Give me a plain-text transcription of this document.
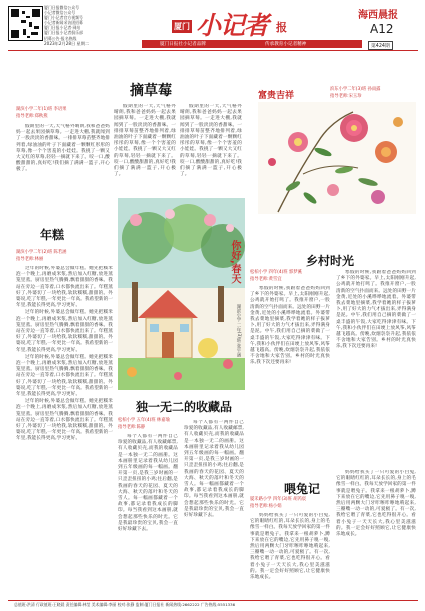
厦门日报微信公众号
小记者微信公众号
厦门小记者官方视频号
小记者新闻采访团招募
厦门日报小记者·网站
厦门日报小记者俱乐部
招募公告·报名热线
2023年2月28日 星期二
厦门 小记者 报
海西晨报
A12
厦门日报社小记者品牌	传承教育小记者精神	第424期
摘草莓
湖滨小学二年(1)班 李语果
指导老师:郑秋燕

假期里的一天,天气格外晴朗,我和爸爸妈妈一起去果园摘草莓。一走进大棚,我就闻到了一股淡淡的香甜味。一排排草莓苗整齐地排列着,绿油油的叶子下面藏着一颗颗红彤彤的草莓,像一个个害羞的小娃娃。我挑了一颗又大又红的草莓,轻轻一摘就下来了。咬一口,酸酸甜甜的,真好吃!我们摘了满满一篮子,开心极了。

假期里的一天,天气格外晴朗,我和爸爸妈妈一起去果园摘草莓。一走进大棚,我就闻到了一股淡淡的香甜味。一排排草莓苗整齐地排列着,绿油油的叶子下面藏着一颗颗红彤彤的草莓,像一个个害羞的小娃娃。我挑了一颗又大又红的草莓,轻轻一摘就下来了。咬一口,酸酸甜甜的,真好吃!我们摘了满满一篮子,开心极了。

假期里的一天,天气格外晴朗,我和爸爸妈妈一起去果园摘草莓。一走进大棚,我就闻到了一股淡淡的香甜味。一排排草莓苗整齐地排列着,绿油油的叶子下面藏着一颗颗红彤彤的草莓,像一个个害羞的小娃娃。我挑了一颗又大又红的草莓,轻轻一摘就下来了。咬一口,酸酸甜甜的,真好吃!我们摘了满满一篮子,开心极了。

富贵吉祥
滨东小学二年(3)班 孙雨露
指导老师:宋玉珍
年糕
湖滨小学二年(2)班 陈若涵
指导老师:林丽

过年的时候,外婆总会做年糕。她先把糯米泡一个晚上,再磨成米浆,然后加入红糖,放进蒸笼里蒸。厨房里热气腾腾,飘着甜甜的香味。我站在旁边一直等着,口水都快流出来了。年糕蒸好了,外婆切了一块给我,软软糯糯,甜甜的。外婆说,吃了年糕,一年更比一年高。我希望新的一年里,我能长得更高,学习更好。

过年的时候,外婆总会做年糕。她先把糯米泡一个晚上,再磨成米浆,然后加入红糖,放进蒸笼里蒸。厨房里热气腾腾,飘着甜甜的香味。我站在旁边一直等着,口水都快流出来了。年糕蒸好了,外婆切了一块给我,软软糯糯,甜甜的。外婆说,吃了年糕,一年更比一年高。我希望新的一年里,我能长得更高,学习更好。

过年的时候,外婆总会做年糕。她先把糯米泡一个晚上,再磨成米浆,然后加入红糖,放进蒸笼里蒸。厨房里热气腾腾,飘着甜甜的香味。我站在旁边一直等着,口水都快流出来了。年糕蒸好了,外婆切了一块给我,软软糯糯,甜甜的。外婆说,吃了年糕,一年更比一年高。我希望新的一年里,我能长得更高,学习更好。

过年的时候,外婆总会做年糕。她先把糯米泡一个晚上,再磨成米浆,然后加入红糖,放进蒸笼里蒸。厨房里热气腾腾,飘着甜甜的香味。我站在旁边一直等着,口水都快流出来了。年糕蒸好了,外婆切了一块给我,软软糯糯,甜甜的。外婆说,吃了年糕,一年更比一年高。我希望新的一年里,我能长得更高,学习更好。

你好,春天
湖滨小学 二年(3)班 张宇涵
乡村时光
松柏小学 四年(4)班 郭梦溪
指导老师:黄雪宜

寒假的时候,我跟着爸爸妈妈回到了乡下的外婆家。早上,太阳刚刚升起,公鸡就开始打鸣了。我推开窗户,一股清新的空气扑面而来。远处的田野一片金黄,近处的小溪哗哗地流着。外婆带我去菜地里摘菜,我学着她的样子拔萝卜,用了好大的力气才拔出来,弄得满身是泥。中午,我们用自己摘的菜做了一桌丰盛的午饭,大家吃得津津有味。下午,我和小伙伴们在田埂上放风筝,风筝越飞越高。傍晚,炊烟袅袅升起,我依依不舍地和大家告别。乡村的时光真快乐,我下次还要再来!

寒假的时候,我跟着爸爸妈妈回到了乡下的外婆家。早上,太阳刚刚升起,公鸡就开始打鸣了。我推开窗户,一股清新的空气扑面而来。远处的田野一片金黄,近处的小溪哗哗地流着。外婆带我去菜地里摘菜,我学着她的样子拔萝卜,用了好大的力气才拔出来,弄得满身是泥。中午,我们用自己摘的菜做了一桌丰盛的午饭,大家吃得津津有味。下午,我和小伙伴们在田埂上放风筝,风筝越飞越高。傍晚,炊烟袅袅升起,我依依不舍地和大家告别。乡村的时光真快乐,我下次还要再来!

独一无二的收藏品
松柏小学 五年(4)班 林嘉瑜
指导老师:陈静

每个人都有一两件自己珍爱的收藏品,有人收藏邮票,有人收藏贝壳,而我的收藏品是一本独一无二的画册。这本画册里记录着我从幼儿园到五年级画的每一幅画。翻开第一页,是我三岁时画的一只歪歪扭扭的小鸡;往后翻,是我画的春天的花园、夏天的大海、秋天的落叶和冬天的雪人。每一幅画都藏着一个故事,都记录着我成长的脚印。每当我看到这本画册,就会想起那些快乐的时光。它是我最珍贵的宝贝,我会一直好好珍藏下去。

每个人都有一两件自己珍爱的收藏品,有人收藏邮票,有人收藏贝壳,而我的收藏品是一本独一无二的画册。这本画册里记录着我从幼儿园到五年级画的每一幅画。翻开第一页,是我三岁时画的一只歪歪扭扭的小鸡;往后翻,是我画的春天的花园、夏天的大海、秋天的落叶和冬天的雪人。每一幅画都藏着一个故事,都记录着我成长的脚印。每当我看到这本画册,就会想起那些快乐的时光。它是我最珍贵的宝贝,我会一直好好珍藏下去。

喂兔记
厦禾路小学 四年(3)班 胡芮宸
指导老师:杨小娟

妈妈给我买了一只可爱的小白兔,它的眼睛红红的,耳朵长长的,身上的毛像雪一样白。我每天放学回家的第一件事就是喂兔子。我拿来一根胡萝卜,蹲下来放在它的嘴边,它先用鼻子嗅一嗅,然后用两颗大门牙咔嚓咔嚓地啃起来,三瓣嘴一动一动的,可爱极了。有一次,我给它喂了青菜,它也吃得很开心。看着小兔子一天天长大,我心里美滋滋的。我一定会好好照顾它,让它健康快乐地成长。

妈妈给我买了一只可爱的小白兔,它的眼睛红红的,耳朵长长的,身上的毛像雪一样白。我每天放学回家的第一件事就是喂兔子。我拿来一根胡萝卜,蹲下来放在它的嘴边,它先用鼻子嗅一嗅,然后用两颗大门牙咔嚓咔嚓地啃起来,三瓣嘴一动一动的,可爱极了。有一次,我给它喂了青菜,它也吃得很开心。看着小兔子一天天长大,我心里美滋滋的。我一定会好好照顾它,让它健康快乐地成长。

总值班:洪清 行政值班:王晓晨 责任编辑:林莹 美术编辑:李丽 校对:张静 监制:厦门日报社 新闻热线:2662222 广告热线:5551336
